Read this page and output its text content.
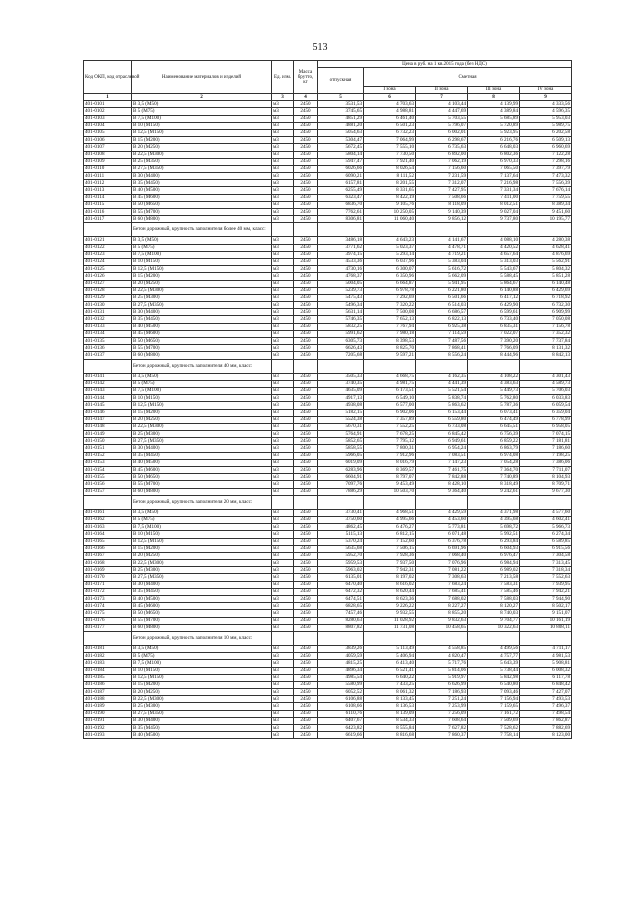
513
Код ОКП, код отраслевой	Наименование материалов и изделий	Ед. изм.	Масса брутто, кг	Цена в руб. на 1 кв.2015 года (без НДС)				
				отпускная	Сметная			
					I зона	II зона	III зона	IV зона
1	2	3	4	5	6	7	8	9
401-0101	В 3,5 (М50)	м3	2450	3531,53	4 703,63	4 103,44	4 139,99	4 333,56
401-0102	В 5 (М75)	м3	2450	3745,65	4 988,81	4 447,69	4 389,84	4 596,35
401-0103	В 7,5 (М100)	м3	2450	4851,29	6 461,40	5 703,55	5 685,89	5 953,03
401-0104	В 10 (М150)	м3	2450	4881,20	6 501,23	5 796,07	5 720,89	5 989,75
401-0105	В 12,5 (М150)	м3	2450	5054,63	6 732,23	6 002,01	5 923,95	6 202,58
401-0106	В 15 (М200)	м3	2450	5304,47	7 064,99	6 298,67	6 216,76	6 509,13
401-0107	В 20 (М250)	м3	2450	5672,45	7 555,10	6 735,63	6 648,03	6 960,69
401-0108	В 22,5 (М300)	м3	2450	5804,14	7 730,50	6 892,00	6 802,36	7 122,28
401-0109	В 25 (М350)	м3	2450	5947,47	7 921,40	7 062,19	6 970,33	7 298,16
401-0110	В 27,5 (М350)	м3	2450	6026,66	8 026,54	7 156,60	7 065,50	7 397,79
401-0111	В 30 (М400)	м3	2450	6090,21	8 111,52	7 231,59	7 137,64	7 473,32
401-0112	В 35 (М450)	м3	2450	6157,81	8 201,55	7 312,07	7 216,98	7 556,39
401-0113	В 40 (М500)	м3	2450	6255,49	8 331,65	7 427,95	7 331,34	7 676,14
401-0114	В 45 (М600)	м3	2450	6323,47	8 422,19	7 508,66	7 411,00	7 759,55
401-0115	В 50 (М650)	м3	2450	6836,70	9 105,76	8 118,09	8 012,51	8 389,34
401-0116	В 55 (М700)	м3	2450	7762,61	10 250,05	9 140,39	9 027,04	9 451,60
401-0117	В 60 (М800)	м3	2450	8306,81	11 060,40	9 856,12	9 737,80	10 195,77
	Бетон дорожный, крупность заполнителя более 40 мм, класс:							
401-0121	В 3,5 (М50)	м3	2450	3486,18	4 643,23	4 141,67	4 088,10	4 280,38
401-0122	В 5 (М75)	м3	2450	3771,62	5 023,37	4 478,71	4 420,52	4 628,41
401-0123	В 7,5 (М100)	м3	2450	3974,15	5 293,14	4 719,21	4 657,64	4 876,69
401-0124	В 10 (М150)	м3	2450	4533,36	6 037,96	5 383,04	5 313,03	5 562,91
401-0125	В 12,5 (М150)	м3	2450	4730,16	6 300,07	5 616,72	5 543,67	5 804,32
401-0126	В 15 (М200)	м3	2450	4768,37	6 350,96	5 662,09	5 588,45	5 851,28
401-0127	В 20 (М250)	м3	2450	5004,05	6 664,87	5 941,95	5 864,67	6 140,48
401-0128	В 22,5 (М300)	м3	2450	5239,73	6 978,78	6 221,80	6 140,88	6 429,69
401-0129	В 25 (М300)	м3	2450	5475,43	7 292,69	6 501,66	6 417,12	6 718,92
401-0130	В 27,5 (М350)	м3	2450	5496,34	7 320,22	6 514,03	6 429,90	6 732,30
401-0131	В 30 (М400)	м3	2450	5631,14	7 500,08	6 686,57	6 599,61	6 909,99
401-0132	В 35 (М450)	м3	2450	5746,35	7 652,13	6 822,13	6 733,40	7 050,08
401-0133	В 40 (М500)	м3	2450	5832,25	7 767,94	6 925,38	6 835,31	7 156,78
401-0134	В 45 (М600)	м3	2450	5991,62	7 980,18	7 114,59	7 022,07	7 352,32
401-0135	В 50 (М650)	м3	2450	6305,73	8 398,53	7 487,56	7 390,20	7 737,84
401-0136	В 55 (М700)	м3	2450	6626,43	8 825,70	7 868,41	7 766,09	8 131,32
401-0137	В 60 (М800)	м3	2450	7205,68	9 597,21	8 556,24	8 444,96	8 842,13
	Бетон дорожный, крупность заполнителя 40 мм, класс:							
401-0141	В 3,5 (М50)	м3	2450	3505,33	4 668,75	4 162,35	4 108,22	4 301,43
401-0142	В 5 (М75)	м3	2450	3740,35	4 981,75	4 441,39	4 383,63	4 589,73
401-0143	В 7,5 (М100)	м3	2450	4635,09	6 173,51	5 521,54	5 449,73	5 706,03
401-0144	В 10 (М150)	м3	2450	4917,13	6 549,10	5 838,74	5 762,80	6 033,83
401-0145	В 12,5 (М150)	м3	2450	4938,08	6 577,00	5 863,62	5 787,36	6 059,54
401-0146	В 15 (М200)	м3	2450	5182,15	6 902,06	6 153,44	6 073,41	6 359,04
401-0147	В 20 (М250)	м3	2450	5524,38	7 357,89	6 559,80	6 474,49	6 778,99
401-0148	В 22,5 (М300)	м3	2450	5670,31	7 552,25	6 733,08	6 645,51	6 958,05
401-0149	В 25 (М300)	м3	2450	5764,91	7 678,25	6 845,42	6 756,39	7 074,15
401-0150	В 27,5 (М350)	м3	2450	5852,65	7 795,12	6 949,61	6 859,22	7 181,81
401-0151	В 30 (М400)	м3	2450	5858,55	7 800,31	6 954,24	6 863,79	7 186,60
401-0152	В 35 (М450)	м3	2450	5966,05	7 912,96	7 083,51	6 974,08	7 198,25
401-0153	В 40 (М500)	м3	2450	6019,09	8 016,79	7 147,23	7 054,28	7 386,06
401-0154	В 45 (М600)	м3	2450	6283,96	8 369,57	7 461,75	7 364,70	7 711,07
401-0155	В 50 (М650)	м3	2450	6604,91	8 797,07	7 842,88	7 740,89	8 104,93
401-0156	В 55 (М700)	м3	2450	7097,76	9 453,49	8 428,10	8 318,49	8 709,71
401-0157	В 60 (М800)	м3	2450	7886,29	10 503,70	9 364,40	9 242,61	9 677,30
	Бетон дорожный, крупность заполнителя 20 мм, класс:							
401-0161	В 3,5 (М50)	м3	2450	3730,41	4 968,51	4 429,59	4 371,98	4 577,60
401-0162	В 5 (М75)	м3	2450	3750,60	4 995,66	4 453,60	4 395,68	4 602,41
401-0163	В 7,5 (М100)	м3	2450	4862,45	6 476,27	5 773,81	5 698,72	5 966,73
401-0164	В 10 (М150)	м3	2450	5115,13	6 812,15	6 071,48	5 992,51	6 274,34
401-0165	В 12,5 (М150)	м3	2450	5370,24	7 152,60	6 376,78	6 293,84	6 589,85
401-0166	В 15 (М200)	м3	2450	5635,68	7 506,15	6 691,96	6 604,93	6 915,56
401-0167	В 20 (М250)	м3	2450	5952,70	7 928,36	7 068,40	6 976,47	7 304,58
401-0168	В 22,5 (М300)	м3	2450	5959,53	7 937,50	7 076,96	6 984,94	7 313,45
401-0169	В 25 (М300)	м3	2450	5963,02	7 942,31	7 081,22	6 989,02	7 318,34
401-0170	В 27,5 (М350)	м3	2450	6135,01	8 197,02	7 308,63	7 213,58	7 552,63
401-0171	В 30 (М400)	м3	2450	6470,40	8 616,02	7 683,24	7 583,31	7 939,95
401-0172	В 35 (М450)	м3	2450	6472,32	8 620,44	7 685,41	7 585,46	7 942,21
401-0173	В 40 (М500)	м3	2450	6474,51	8 623,36	7 688,02	7 588,03	7 944,90
401-0174	В 45 (М600)	м3	2450	6828,65	9 226,22	8 227,27	8 120,27	8 502,17
401-0175	В 50 (М650)	м3	2450	7457,46	9 932,55	8 855,20	8 740,03	9 151,07
401-0176	В 55 (М700)	м3	2450	8280,63	11 028,92	9 832,63	9 704,77	10 161,19
401-0177	В 60 (М800)	м3	2450	8807,82	11 731,08	10 458,65	10 322,63	10 808,11
	Бетон дорожный, крупность заполнителя 10 мм, класс:							
401-0181	В 3,5 (М50)	м3	2450	3839,26	5 113,49	4 558,85	4 499,56	4 711,17
401-0182	В 5 (М75)	м3	2450	4059,59	5 406,94	4 820,47	4 757,77	4 981,53
401-0183	В 7,5 (М100)	м3	2450	4815,25	6 413,40	5 717,76	5 643,39	5 908,81
401-0184	В 10 (М150)	м3	2450	4896,34	6 521,41	5 814,06	5 738,44	6 008,32
401-0185	В 12,5 (М150)	м3	2450	4985,54	6 640,22	5 919,97	5 842,98	6 117,78
401-0186	В 15 (М200)	м3	2450	5580,99	7 433,25	6 626,99	6 540,80	6 848,42
401-0187	В 20 (М250)	м3	2450	6052,52	8 061,32	7 186,93	7 093,46	7 427,07
401-0188	В 22,5 (М300)	м3	2450	6106,88	8 133,45	7 251,24	7 156,94	7 493,53
401-0189	В 25 (М300)	м3	2450	6108,66	8 136,53	7 253,99	7 159,65	7 496,37
401-0190	В 27,5 (М350)	м3	2450	6110,76	8 139,09	7 256,09	7 161,72	7 498,54
401-0191	В 30 (М400)	м3	2450	6407,67	8 534,33	7 608,64	7 509,69	7 862,87
401-0192	В 35 (М450)	м3	2450	6423,82	8 555,84	7 627,82	7 528,62	7 882,69
401-0193	В 40 (М500)	м3	2450	6619,66	8 816,68	7 860,37	7 758,14	8 123,00
